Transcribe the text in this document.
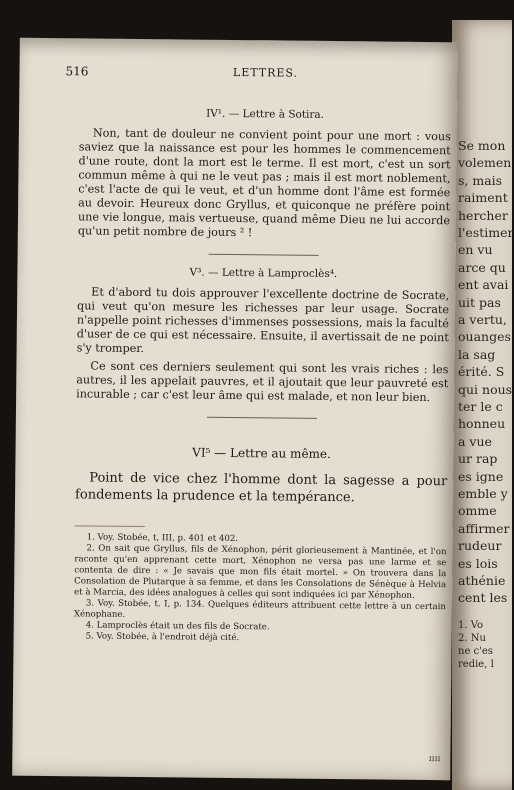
Se mon
volemen
s, mais
raiment
hercher
l'estimer
en vu
arce qu
ent avai
uit pas
a vertu,
ouanges
la sag
érité. S
qui nous
ter le c
honneu
a vue
ur rap
es igne
emble y
omme
affirmer
rudeur
es lois
athénie
cent les
1. Vo
2. Nu
ne c'es
redie, l
516	LETTRES.
IV¹. — Lettre à Sotira.

Non, tant de douleur ne convient point pour une mort : vous saviez que la naissance est pour les hommes le commencement d'une route, dont la mort est le terme. Il est mort, c'est un sort commun même à qui ne le veut pas ; mais il est mort noblement, c'est l'acte de qui le veut, et d'un homme dont l'âme est formée au devoir. Heureux donc Gryllus, et quiconque ne préfère point une vie longue, mais vertueuse, quand même Dieu ne lui accorde qu'un petit nombre de jours ² !

V³. — Lettre à Lamproclès⁴.

Et d'abord tu dois approuver l'excellente doctrine de Socrate, qui veut qu'on mesure les richesses par leur usage. Socrate n'appelle point richesses d'immenses possessions, mais la faculté d'user de ce qui est nécessaire. Ensuite, il avertissait de ne point s'y tromper.

Ce sont ces derniers seulement qui sont les vrais riches : les autres, il les appelait pauvres, et il ajoutait que leur pauvreté est incurable ; car c'est leur âme qui est malade, et non leur bien.

VI⁵ — Lettre au même.

Point de vice chez l'homme dont la sagesse a pour fondements la prudence et la tempérance.

1. Voy. Stobée, t, III, p. 401 et 402.

2. On sait que Gryllus, fils de Xénophon, périt glorieusement à Mantinée, et l'on raconte qu'en apprenant cette mort, Xénophon ne versa pas une larme et se contenta de dire : « Je savais que mon fils était mortel. » On trouvera dans la Consolation de Plutarque à sa femme, et dans les Consolations de Sénèque à Helvia et à Marcia, des idées analogues à celles qui sont indiquées ici par Xénophon.

3. Voy. Stobée, t. I, p. 134. Quelques éditeurs attribuent cette lettre à un certain Xénophane.

4. Lamproclès était un des fils de Socrate.

5. Voy. Stobée, à l'endroit déjà cité.

ɪɪɪɪ
